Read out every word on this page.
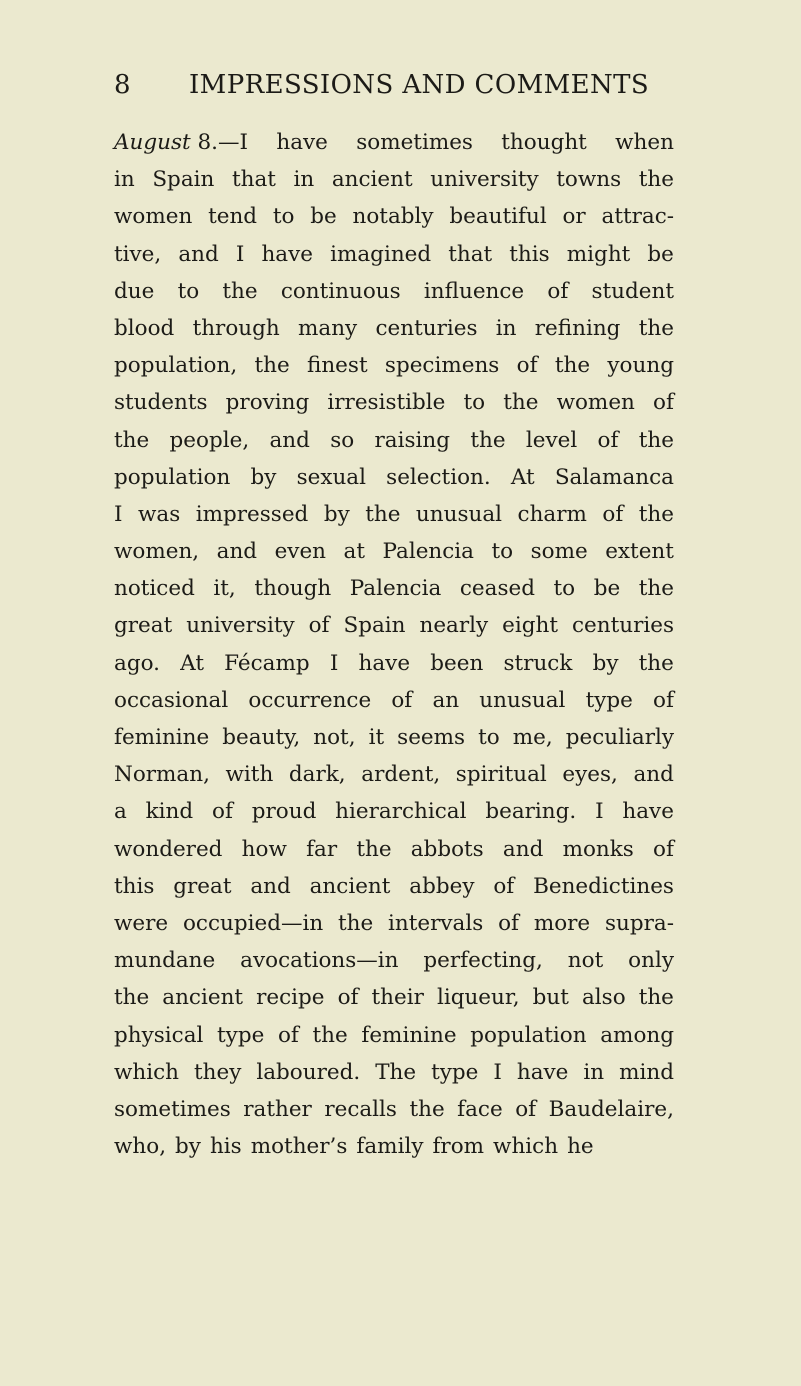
8 IMPRESSIONS AND COMMENTS
August 8.—I have sometimes thought when
in Spain that in ancient university towns the
women tend to be notably beautiful or attrac-
tive, and I have imagined that this might be
due to the continuous influence of student
blood through many centuries in refining the
population, the finest specimens of the young
students proving irresistible to the women of
the people, and so raising the level of the
population by sexual selection. At Salamanca
I was impressed by the unusual charm of the
women, and even at Palencia to some extent
noticed it, though Palencia ceased to be the
great university of Spain nearly eight centuries
ago. At Fécamp I have been struck by the
occasional occurrence of an unusual type of
feminine beauty, not, it seems to me, peculiarly
Norman, with dark, ardent, spiritual eyes, and
a kind of proud hierarchical bearing. I have
wondered how far the abbots and monks of
this great and ancient abbey of Benedictines
were occupied—in the intervals of more supra-
mundane avocations—in perfecting, not only
the ancient recipe of their liqueur, but also the
physical type of the feminine population among
which they laboured. The type I have in mind
sometimes rather recalls the face of Baudelaire,
who, by his mother’s family from which he
